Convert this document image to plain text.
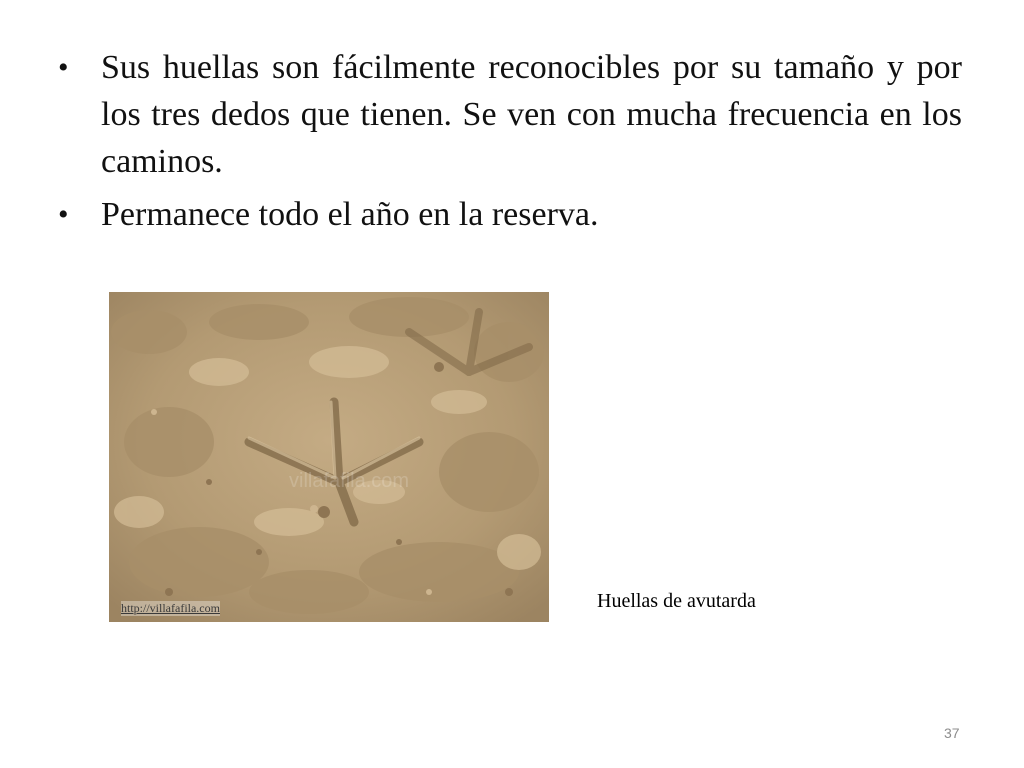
• Sus huellas son fácilmente reconocibles por su tamaño y por los tres dedos que tienen. Se ven con mucha frecuencia en los caminos.
• Permanece todo el año en la reserva.
villafafila.com
http://villafafila.com	Huellas de avutarda
37
